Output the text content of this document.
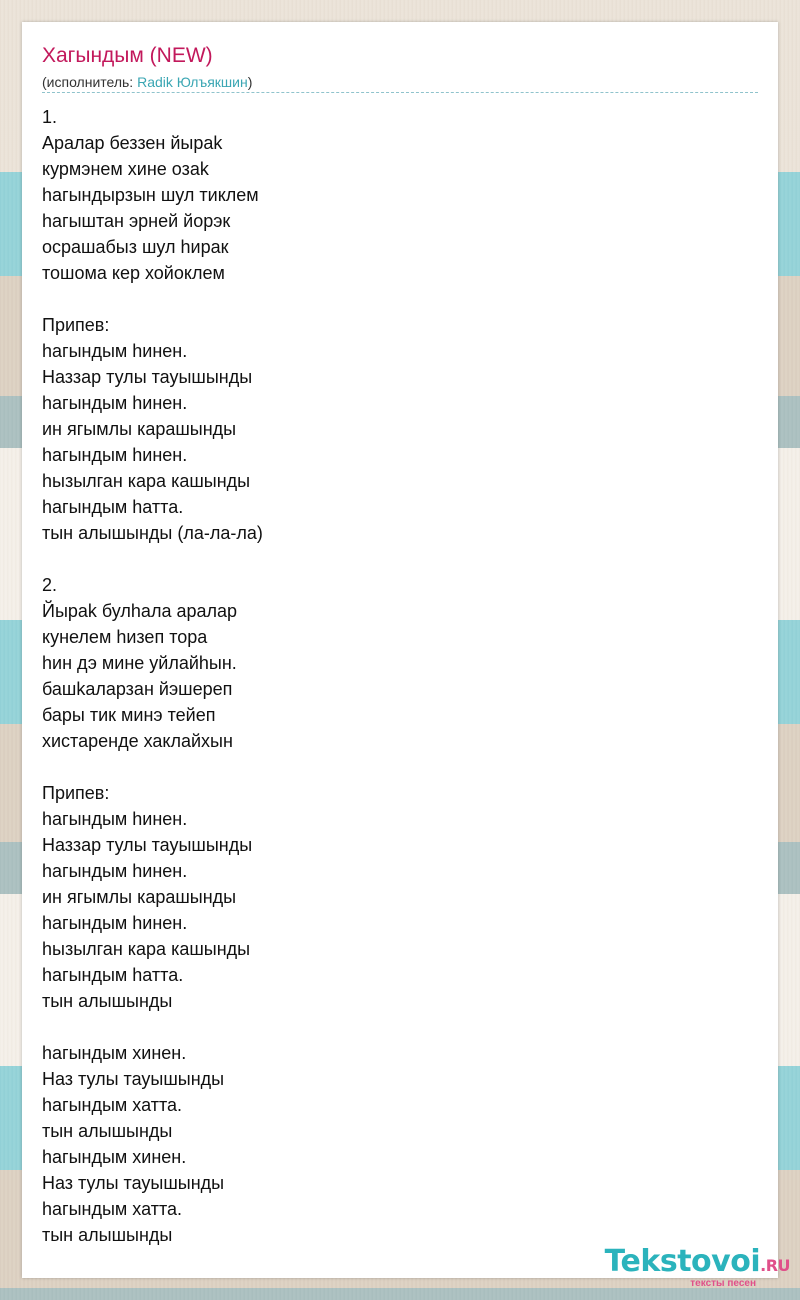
Хагындым (NEW)
(исполнитель: Radik Юлъякшин)
1.
Аралар беззен йыраk
курмэнем хине озаk
hагындырзын шул тиклем
hагыштан эрней йорэк
осрашабыз шул hирак
тошома кер хойоклем
Припев:
hагындым hинен.
Наззар тулы тауышынды
hагындым hинен.
ин ягымлы карашынды
hагындым hинен.
hызылган кара кашынды
hагындым hатта.
тын алышынды (ла-ла-ла)
2.
Йыраk булhала аралар
кунелем hизеп тора
hин дэ мине уйлайhын.
башkаларзан йэшереп
бары тик минэ тейеп
хистаренде хаклайхын
Припев:
hагындым hинен.
Наззар тулы тауышынды
hагындым hинен.
ин ягымлы карашынды
hагындым hинен.
hызылган кара кашынды
hагындым hатта.
тын алышынды
hагындым хинен.
Наз тулы тауышынды
hагындым хатта.
тын алышынды
hагындым хинен.
Наз тулы тауышынды
hагындым хатта.
тын алышынды
Tekstovoi.RU
тексты песен
